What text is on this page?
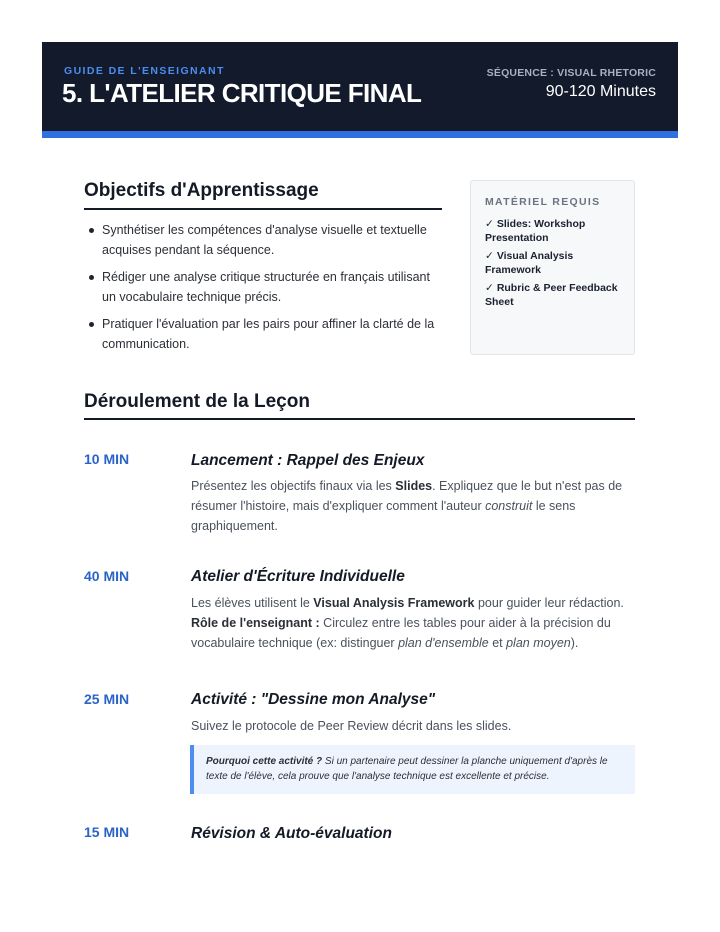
GUIDE DE L'ENSEIGNANT
5. L'ATELIER CRITIQUE FINAL
SÉQUENCE : VISUAL RHETORIC
90-120 Minutes
Objectifs d'Apprentissage
Synthétiser les compétences d'analyse visuelle et textuelle acquises pendant la séquence.
Rédiger une analyse critique structurée en français utilisant un vocabulaire technique précis.
Pratiquer l'évaluation par les pairs pour affiner la clarté de la communication.
MATÉRIEL REQUIS
✓ Slides: Workshop Presentation
✓ Visual Analysis Framework
✓ Rubric & Peer Feedback Sheet
Déroulement de la Leçon
10 MIN	Lancement : Rappel des Enjeux
Présentez les objectifs finaux via les Slides. Expliquez que le but n'est pas de résumer l'histoire, mais d'expliquer comment l'auteur construit le sens graphiquement.
40 MIN	Atelier d'Écriture Individuelle
Les élèves utilisent le Visual Analysis Framework pour guider leur rédaction.
Rôle de l'enseignant : Circulez entre les tables pour aider à la précision du vocabulaire technique (ex: distinguer plan d'ensemble et plan moyen).
25 MIN	Activité : "Dessine mon Analyse"
Suivez le protocole de Peer Review décrit dans les slides.
Pourquoi cette activité ? Si un partenaire peut dessiner la planche uniquement d'après le texte de l'élève, cela prouve que l'analyse technique est excellente et précise.
15 MIN	Révision & Auto-évaluation
